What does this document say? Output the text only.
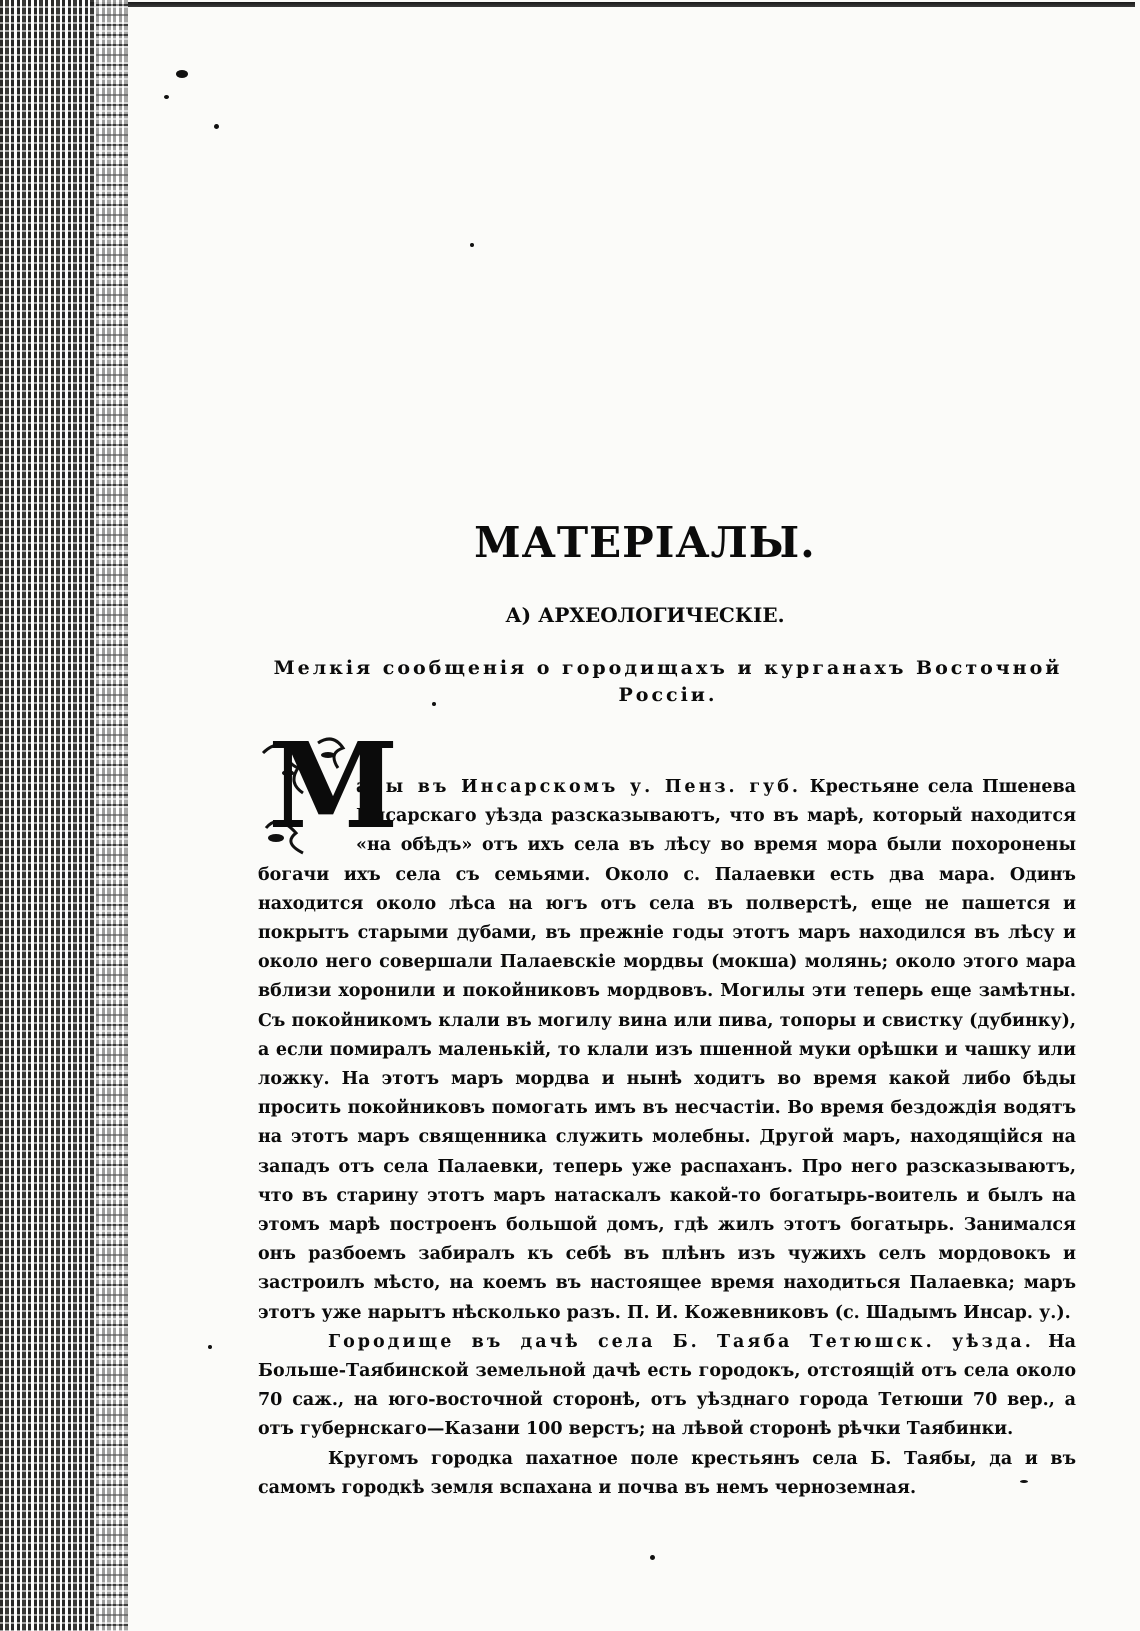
МАТЕРІАЛЫ.
А) АРХЕОЛОГИЧЕСКІЕ.
Мелкія сообщенія о городищахъ и курганахъ Восточной Россіи.

М
ары въ Инсарскомъ у. Пенз. губ. Крестьяне села Пшенева Инсарскаго уѣзда разсказываютъ, что въ марѣ, который находится «на обѣдъ» отъ ихъ села въ лѣсу во время мора были похоронены богачи ихъ села съ семьями. Около с. Палаевки есть два мара. Одинъ находится около лѣса на югъ отъ села въ полверстѣ, еще не пашется и покрытъ старыми дубами, въ прежніе годы этотъ маръ находился въ лѣсу и около него совершали Палаевскіе мордвы (мокша) молянь; около этого мара вблизи хоронили и покойниковъ мордвовъ. Могилы эти теперь еще замѣтны. Съ покойникомъ клали въ могилу вина или пива, топоры и свистку (дубинку), а если помиралъ маленькій, то клали изъ пшенной муки орѣшки и чашку или ложку. На этотъ маръ мордва и нынѣ ходитъ во время какой либо бѣды просить покойниковъ помогать имъ въ несчастіи. Во время бездождія водятъ на этотъ маръ священника служить молебны. Другой маръ, находящійся на западъ отъ села Палаевки, теперь уже распаханъ. Про него разсказываютъ, что въ старину этотъ маръ натаскалъ какой-то богатырь-воитель и былъ на этомъ марѣ построенъ большой домъ, гдѣ жилъ этотъ богатырь. Занимался онъ разбоемъ забиралъ къ себѣ въ плѣнъ изъ чужихъ селъ мордовокъ и застроилъ мѣсто, на коемъ въ настоящее время находиться Палаевка; маръ этотъ уже нарытъ нѣсколько разъ. П. И. Кожевниковъ (с. Шадымъ Инсар. у.).

Городище въ дачѣ села Б. Таяба Тетюшск. уѣзда. На Больше-Таябинской земельной дачѣ есть городокъ, отстоящій отъ села около 70 саж., на юго-восточной сторонѣ, отъ уѣзднаго города Тетюши 70 вер., а отъ губернскаго—Казани 100 верстъ; на лѣвой сторонѣ рѣчки Таябинки.

Кругомъ городка пахатное поле крестьянъ села Б. Таябы, да и въ самомъ городкѣ земля вспахана и почва въ немъ черноземная.
